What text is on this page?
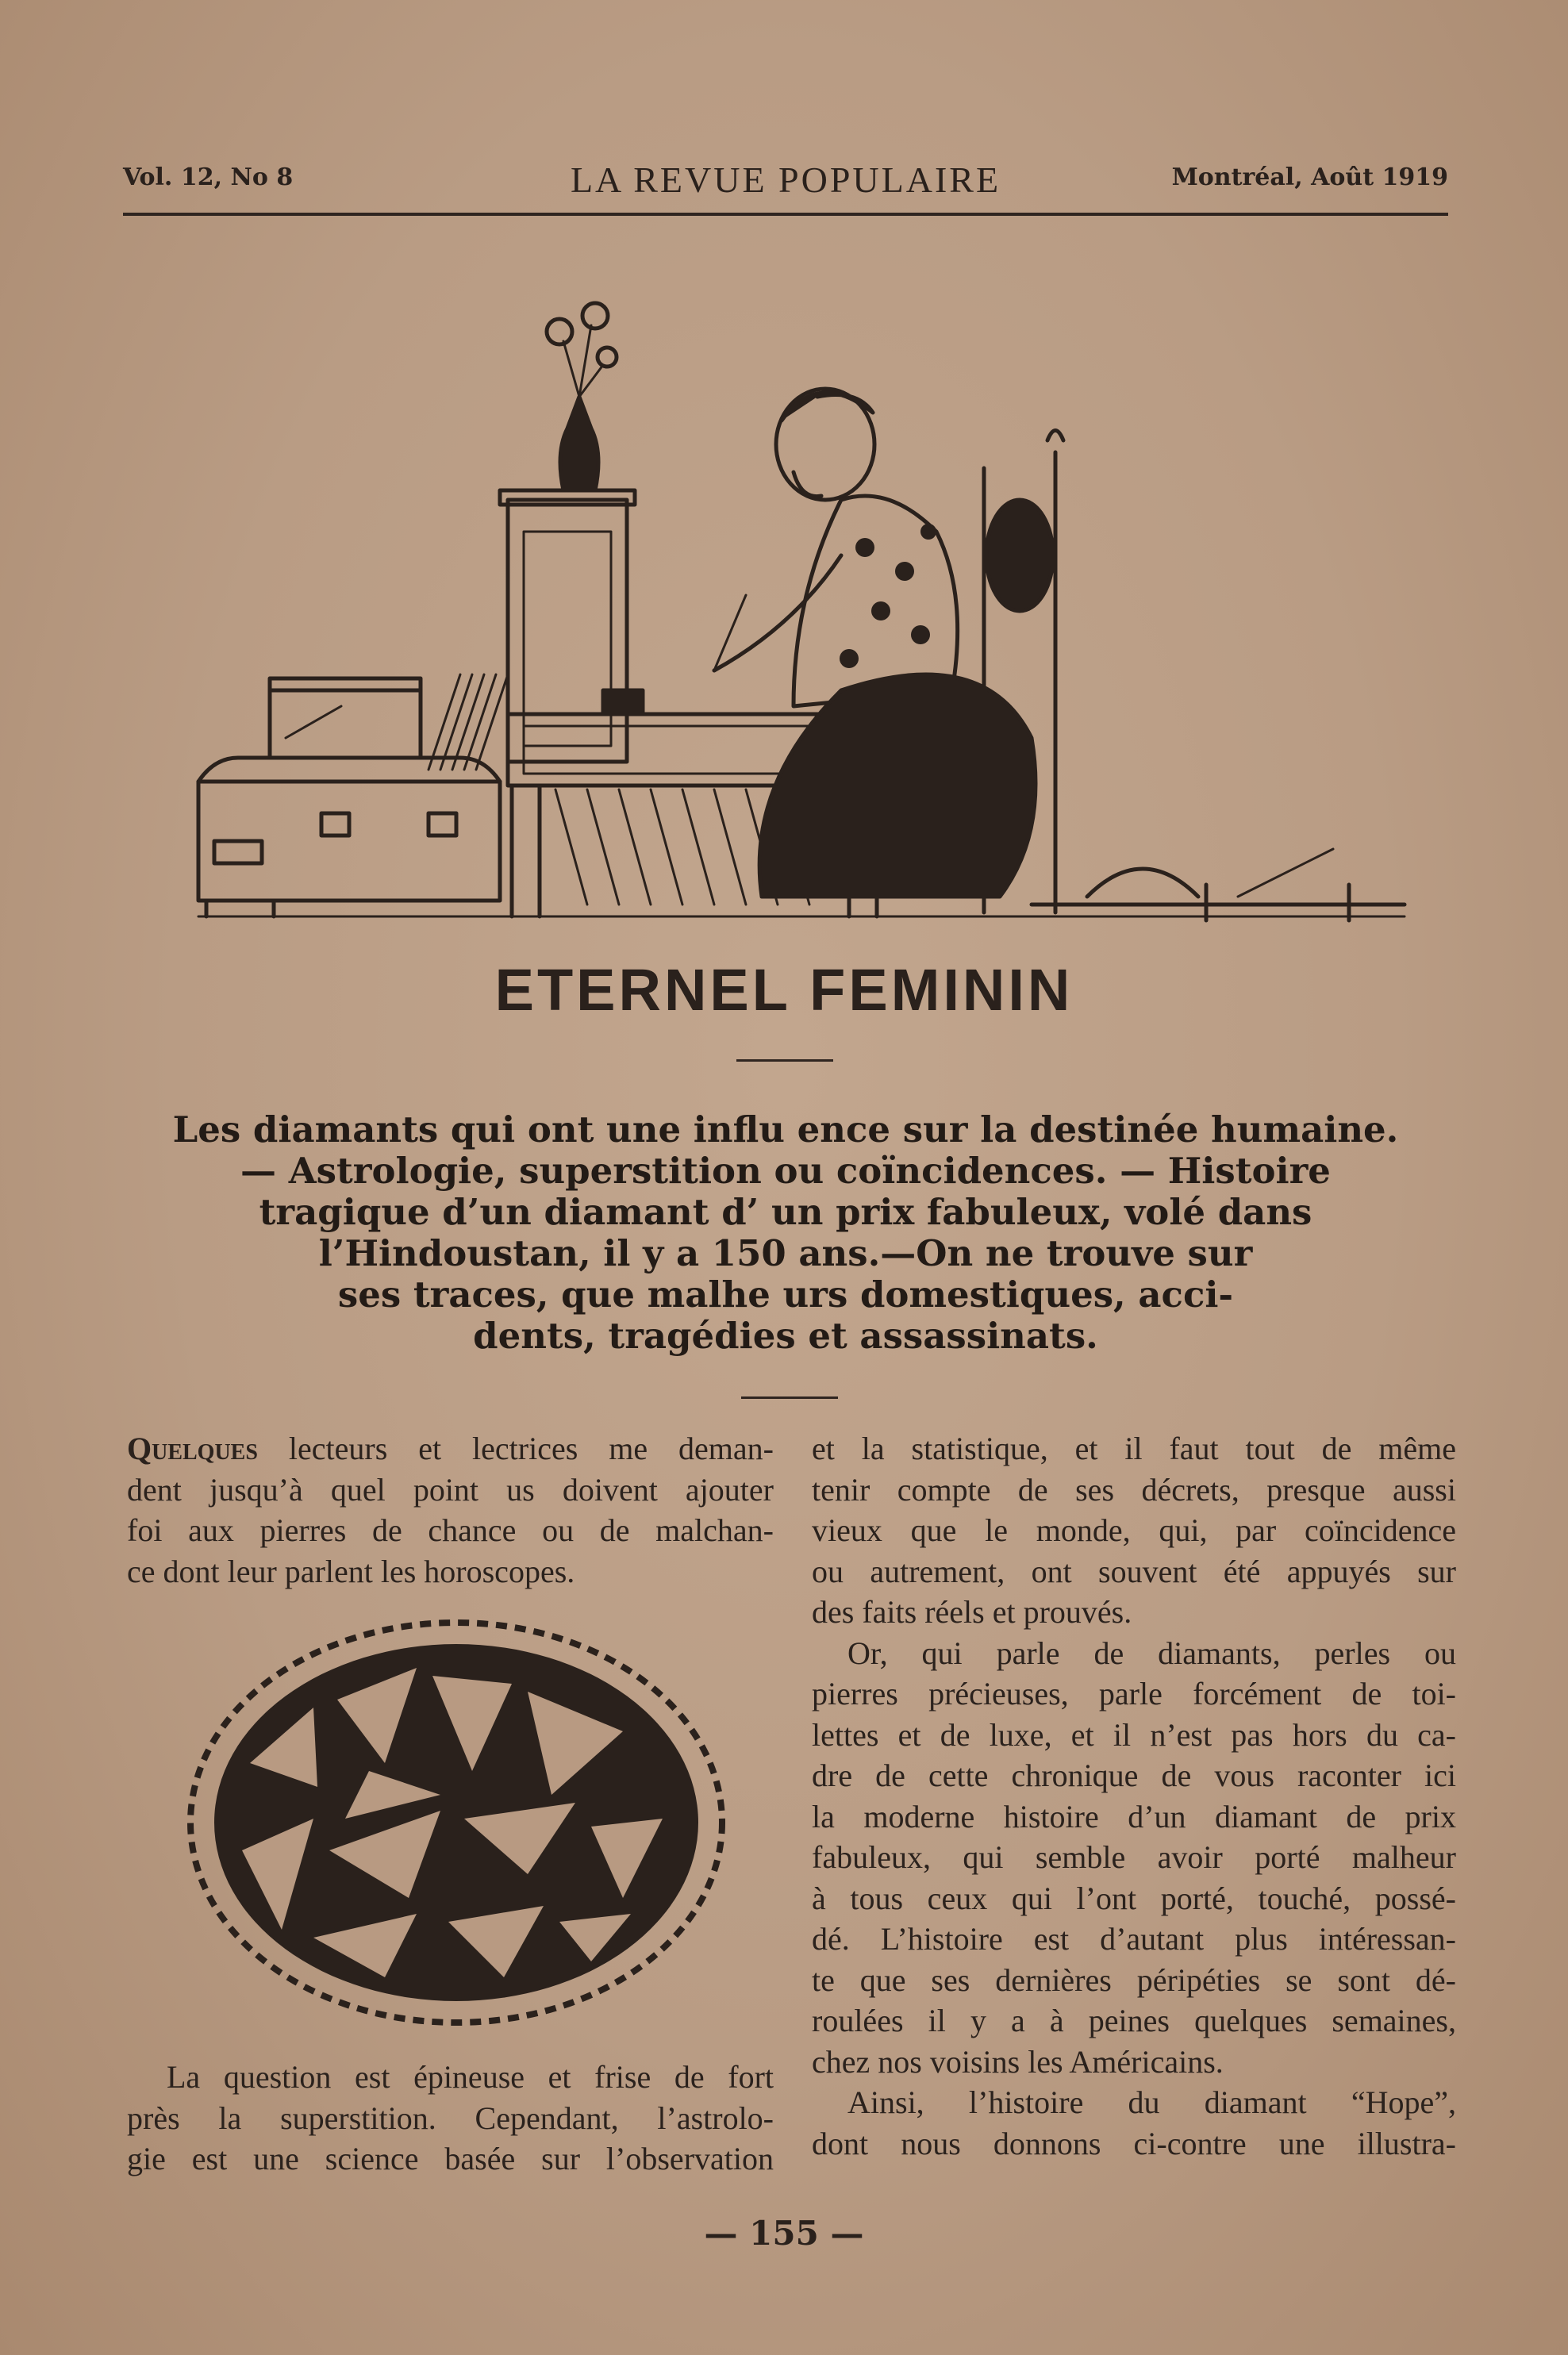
Vol. 12, No 8	LA REVUE POPULAIRE	Montréal, Août 1919
ETERNEL FEMININ
Les diamants qui ont une influ ence sur la destinée humaine.
— Astrologie, superstition ou coïncidences. — Histoire
tragique d’un diamant d’ un prix fabuleux, volé dans
l’Hindoustan, il y a 150 ans.—On ne trouve sur
ses traces, que malhe urs domestiques, acci-
dents, tragédies et assassinats.
Quelques lecteurs et lectrices me deman-
dent jusqu’à quel point us doivent ajouter
foi aux pierres de chance ou de malchan-
ce dont leur parlent les horoscopes.
La question est épineuse et frise de fort
près la superstition. Cependant, l’astrolo-
gie est une science basée sur l’observation
et la statistique, et il faut tout de même
tenir compte de ses décrets, presque aussi
vieux que le monde, qui, par coïncidence
ou autrement, ont souvent été appuyés sur
des faits réels et prouvés.
Or, qui parle de diamants, perles ou
pierres précieuses, parle forcément de toi-
lettes et de luxe, et il n’est pas hors du ca-
dre de cette chronique de vous raconter ici
la moderne histoire d’un diamant de prix
fabuleux, qui semble avoir porté malheur
à tous ceux qui l’ont porté, touché, possé-
dé. L’histoire est d’autant plus intéressan-
te que ses dernières péripéties se sont dé-
roulées il y a à peines quelques semaines,
chez nos voisins les Américains.
Ainsi, l’histoire du diamant “Hope”,
dont nous donnons ci-contre une illustra-
— 155 —
